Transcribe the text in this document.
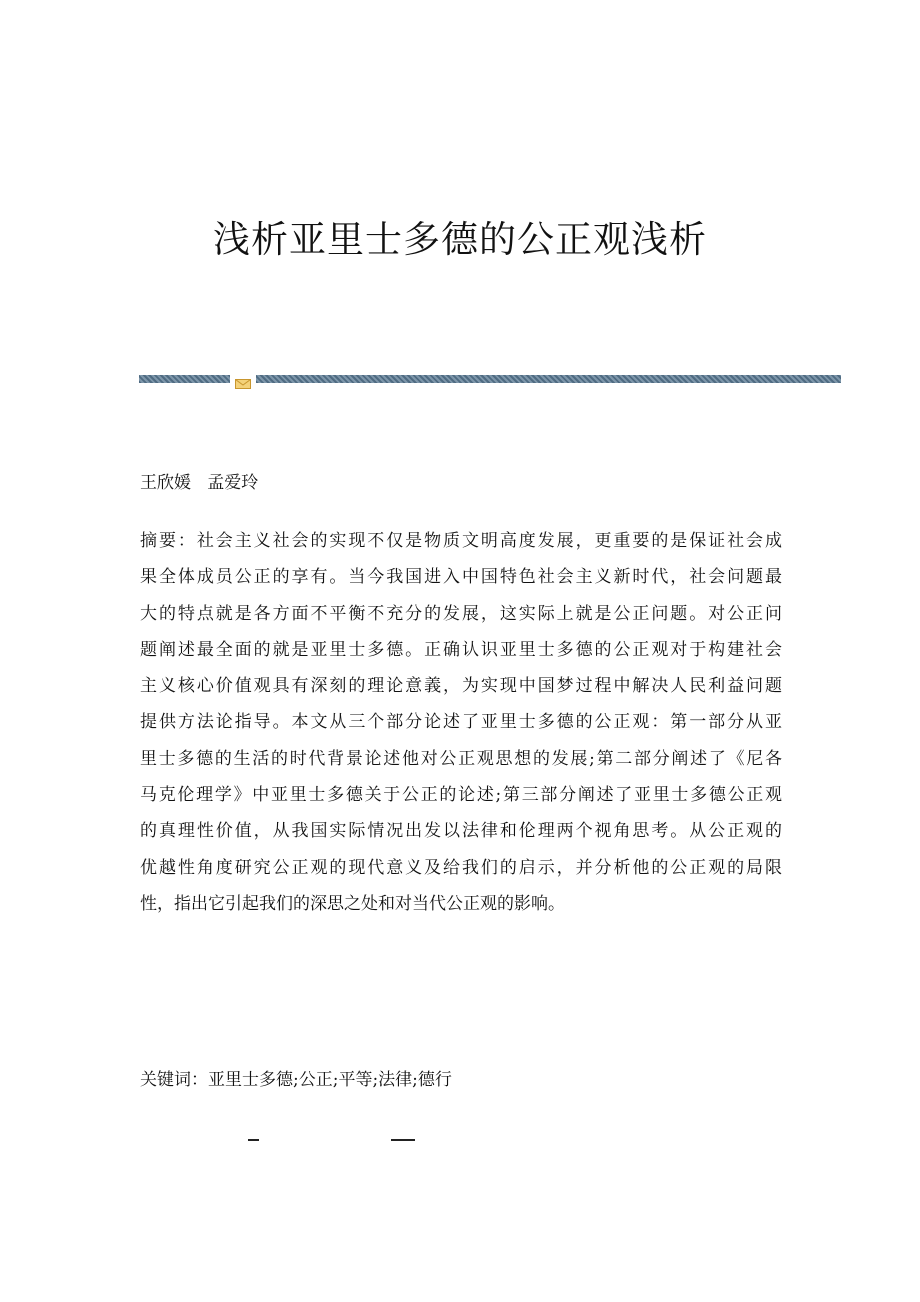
浅析亚里士多德的公正观浅析
王欣媛   孟爱玲
摘要：社会主义社会的实现不仅是物质文明高度发展，更重要的是保证社会成
果全体成员公正的享有。当今我国进入中国特色社会主义新时代，社会问题最
大的特点就是各方面不平衡不充分的发展，这实际上就是公正问题。对公正问
题阐述最全面的就是亚里士多德。正确认识亚里士多德的公正观对于构建社会
主义核心价值观具有深刻的理论意義，为实现中国梦过程中解决人民利益问题
提供方法论指导。本文从三个部分论述了亚里士多德的公正观：第一部分从亚
里士多德的生活的时代背景论述他对公正观思想的发展;第二部分阐述了《尼各
马克伦理学》中亚里士多德关于公正的论述;第三部分阐述了亚里士多德公正观
的真理性价值，从我国实际情况出发以法律和伦理两个视角思考。从公正观的
优越性角度研究公正观的现代意义及给我们的启示，并分析他的公正观的局限
性，指出它引起我们的深思之处和对当代公正观的影响。
关键词：亚里士多德;公正;平等;法律;德行
